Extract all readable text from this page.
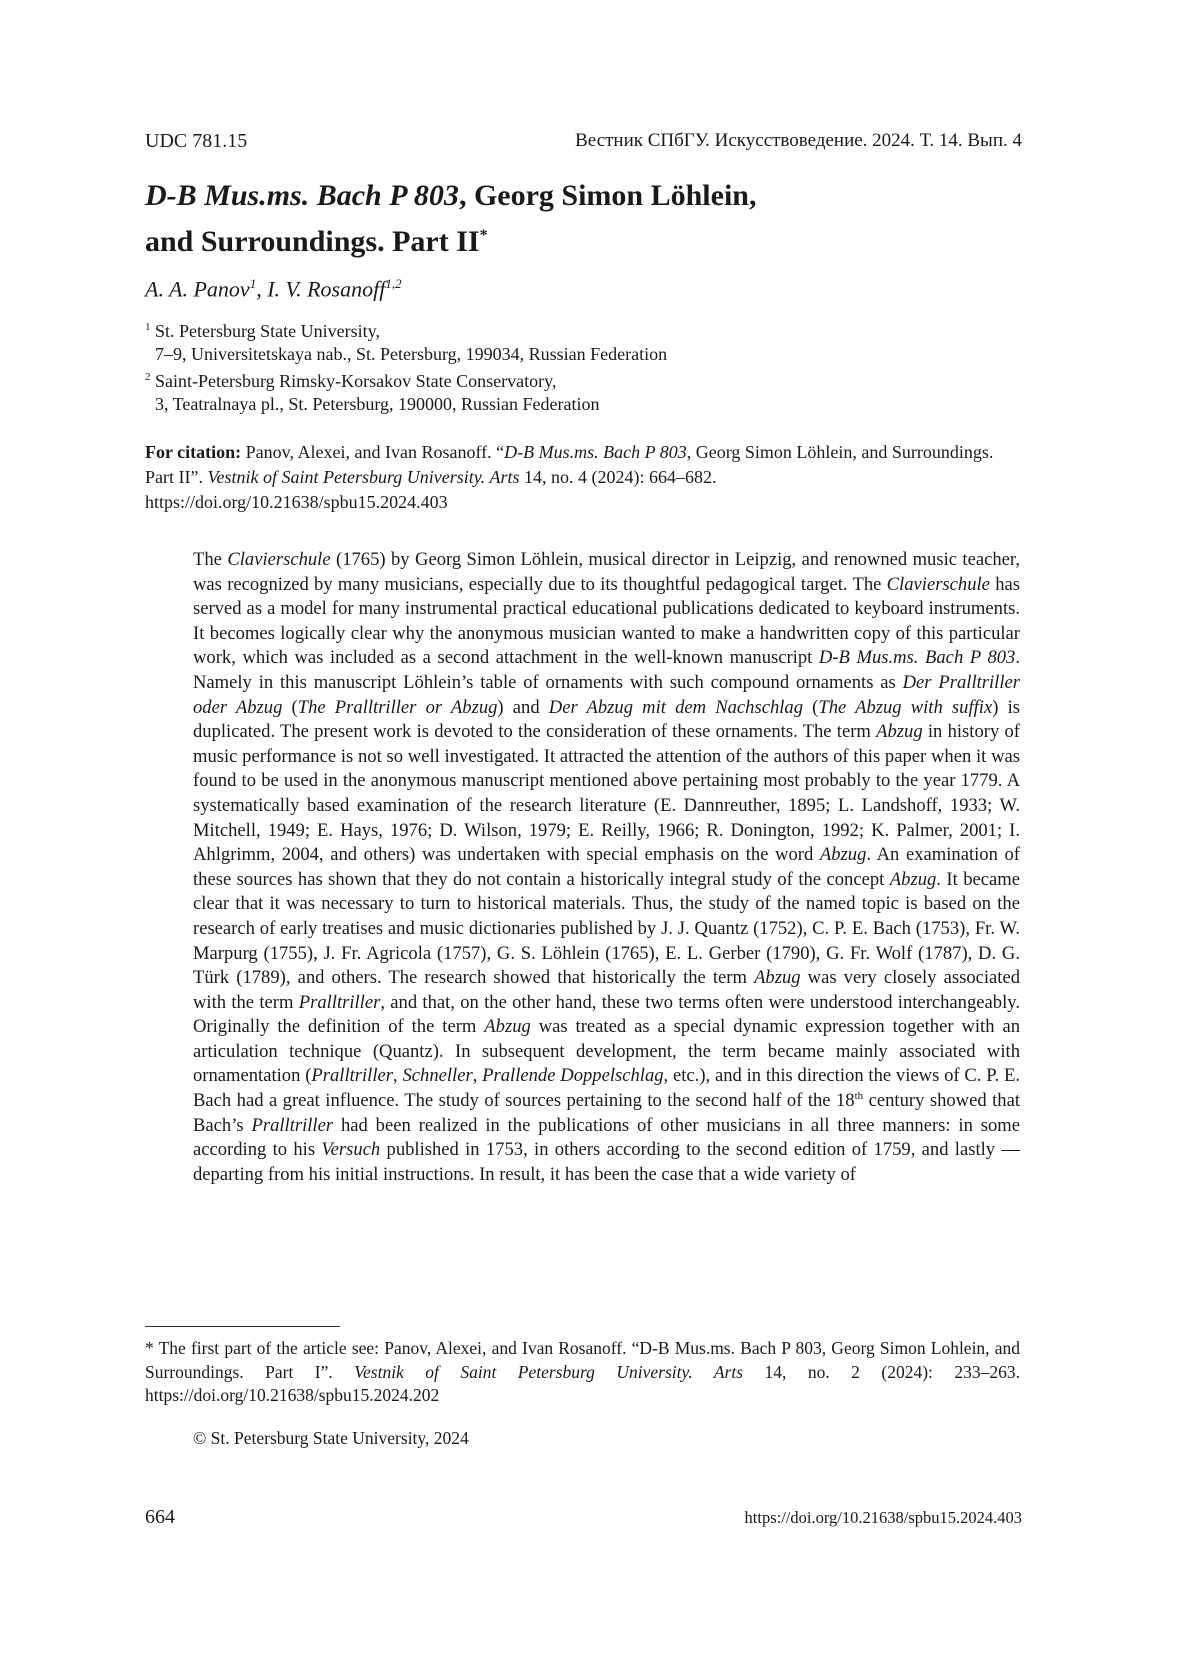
UDC 781.15	Вестник СПбГУ. Искусствоведение. 2024. Т. 14. Вып. 4
D-B Mus.ms. Bach P 803, Georg Simon Löhlein,
and Surroundings. Part II*
A. A. Panov$^1$, I. V. Rosanoff$^{1,2}$
$^1$ St. Petersburg State University,
7–9, Universitetskaya nab., St. Petersburg, 199034, Russian Federation
$^2$ Saint-Petersburg Rimsky-Korsakov State Conservatory,
3, Teatralnaya pl., St. Petersburg, 190000, Russian Federation
For citation: Panov, Alexei, and Ivan Rosanoff. “D-B Mus.ms. Bach P 803, Georg Simon Löhlein, and Surroundings. Part II”. Vestnik of Saint Petersburg University. Arts 14, no. 4 (2024): 664–682.
https://doi.org/10.21638/spbu15.2024.403
The Clavierschule (1765) by Georg Simon Löhlein, musical director in Leipzig, and renowned music teacher, was recognized by many musicians, especially due to its thoughtful pedagogical target. The Clavierschule has served as a model for many instrumental practical educational publications dedicated to keyboard instruments. It becomes logically clear why the anonymous musician wanted to make a handwritten copy of this particular work, which was included as a second attachment in the well-known manuscript D-B Mus.ms. Bach P 803. Namely in this manuscript Löhlein’s table of ornaments with such compound ornaments as Der Pralltriller oder Abzug (The Pralltriller or Abzug) and Der Abzug mit dem Nachschlag (The Abzug with suffix) is duplicated. The present work is devoted to the consideration of these ornaments. The term Abzug in history of music performance is not so well investigated. It attracted the attention of the authors of this paper when it was found to be used in the anonymous manuscript mentioned above pertaining most probably to the year 1779. A systematically based examination of the research literature (E. Dannreuther, 1895; L. Landshoff, 1933; W. Mitchell, 1949; E. Hays, 1976; D. Wilson, 1979; E. Reilly, 1966; R. Donington, 1992; K. Palmer, 2001; I. Ahlgrimm, 2004, and others) was undertaken with special emphasis on the word Abzug. An examination of these sources has shown that they do not contain a historically integral study of the concept Abzug. It became clear that it was necessary to turn to historical materials. Thus, the study of the named topic is based on the research of early treatises and music dictionaries published by J. J. Quantz (1752), C. P. E. Bach (1753), Fr. W. Marpurg (1755), J. Fr. Agricola (1757), G. S. Löhlein (1765), E. L. Gerber (1790), G. Fr. Wolf (1787), D. G. Türk (1789), and others. The research showed that historically the term Abzug was very closely associated with the term Pralltriller, and that, on the other hand, these two terms often were understood interchangeably. Originally the definition of the term Abzug was treated as a special dynamic expression together with an articulation technique (Quantz). In subsequent development, the term became mainly associated with ornamentation (Pralltriller, Schneller, Prallende Doppelschlag, etc.), and in this direction the views of C. P. E. Bach had a great influence. The study of sources pertaining to the second half of the 18th century showed that Bach’s Pralltriller had been realized in the publications of other musicians in all three manners: in some according to his Versuch published in 1753, in others according to the second edition of 1759, and lastly — departing from his initial instructions. In result, it has been the case that a wide variety of
* The first part of the article see: Panov, Alexei, and Ivan Rosanoff. “D-B Mus.ms. Bach P 803, Georg Simon Lohlein, and Surroundings. Part I”. Vestnik of Saint Petersburg University. Arts 14, no. 2 (2024): 233–263. https://doi.org/10.21638/spbu15.2024.202
© St. Petersburg State University, 2024
664	https://doi.org/10.21638/spbu15.2024.403
